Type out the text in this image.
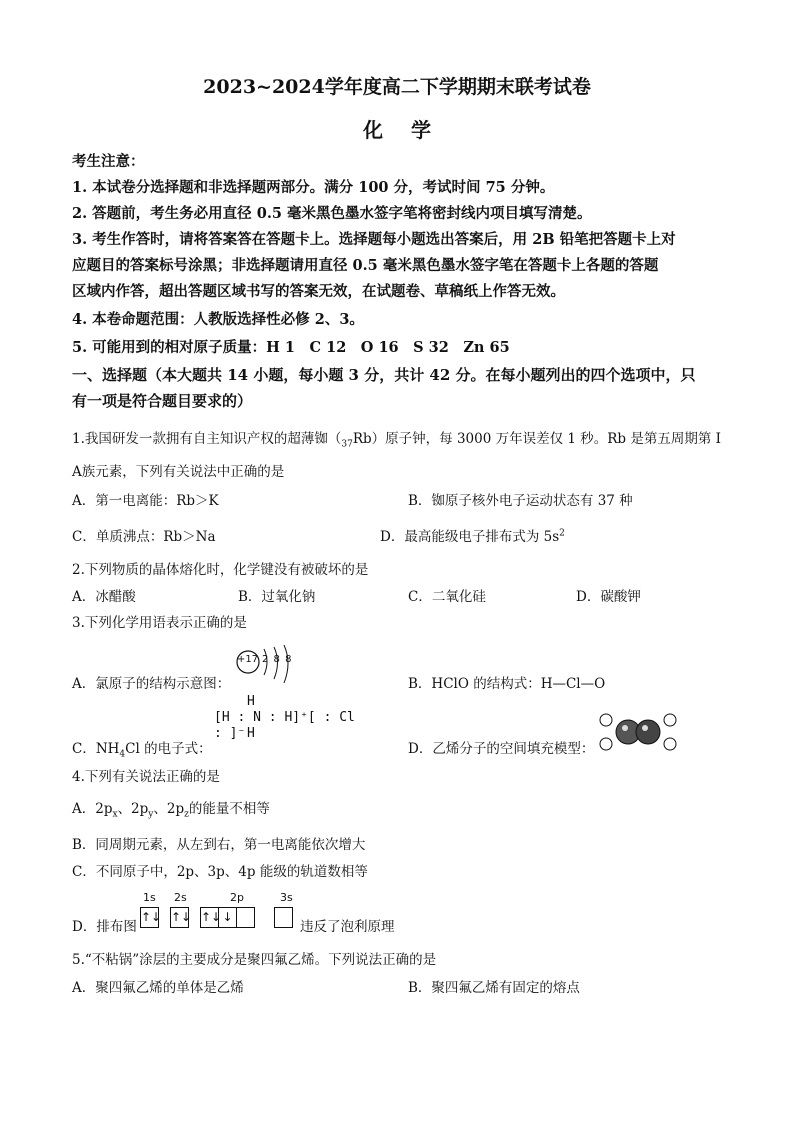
2023~2024学年度高二下学期期末联考试卷
化学
考生注意：
1. 本试卷分选择题和非选择题两部分。满分 100 分，考试时间 75 分钟。
2. 答题前，考生务必用直径 0.5 毫米黑色墨水签字笔将密封线内项目填写清楚。
3. 考生作答时，请将答案答在答题卡上。选择题每小题选出答案后，用 2B 铅笔把答题卡上对
应题目的答案标号涂黑；非选择题请用直径 0.5 毫米黑色墨水签字笔在答题卡上各题的答题
区域内作答，超出答题区域书写的答案无效，在试题卷、草稿纸上作答无效。
4. 本卷命题范围：人教版选择性必修 2、3。
5. 可能用到的相对原子质量：H 1　C 12　O 16　S 32　Zn 65
一、选择题（本大题共 14 小题，每小题 3 分，共计 42 分。在每小题列出的四个选项中，只
有一项是符合题目要求的）
1.我国研发一款拥有自主知识产权的超薄铷$(_{37}Rb)$原子钟，每 3000 万年误差仅 1 秒。Rb 是第五周期第 I
A族元素，下列有关说法中正确的是
A．第一电离能：Rb＞K	B．铷原子核外电子运动状态有 37 种
C．单质沸点：Rb＞Na	D．最高能级电子排布式为 $5s^2$
2.下列物质的晶体熔化时，化学键没有被破坏的是
A．冰醋酸	B．过氧化钠	C．二氧化硅	D．碳酸钾
3.下列化学用语表示正确的是
A．氯原子的结构示意图：
+17 2 8 8
B．HClO 的结构式：H—Cl—O
C．$NH_4Cl$ 的电子式：
H
[H : N : H]⁺[ : Cl : ]⁻ H
D．乙烯分子的空间填充模型：
4.下列有关说法正确的是
A．$2p_x$、$2p_y$、$2p_z$的能量不相等
B．同周期元素，从左到右，第一电离能依次增大
C．不同原子中，2p、3p、4p 能级的轨道数相等
D．排布图
1s 2s	2p	3s
↑↓ ↑↓ ↑↓ ↓
违反了泡利原理
5.“不粘锅”涂层的主要成分是聚四氟乙烯。下列说法正确的是
A．聚四氟乙烯的单体是乙烯	B．聚四氟乙烯有固定的熔点
